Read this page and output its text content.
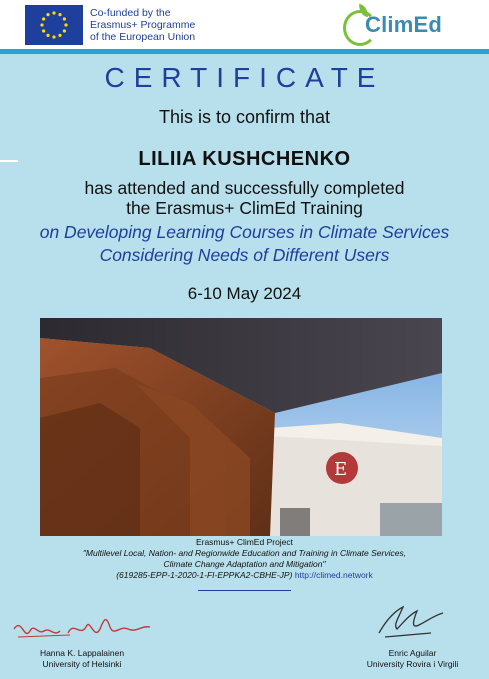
Co-funded by the
Erasmus+ Programme
of the European Union	ClimEd
CERTIFICATE
This is to confirm that
LILIIA KUSHCHENKO
has attended and successfully completed
the Erasmus+ ClimEd Training
on Developing Learning Courses in Climate Services
Considering Needs of Different Users
6-10 May 2024
E
Erasmus+ ClimEd Project
"Multilevel Local, Nation- and Regionwide Education and Training in Climate Services,
Climate Change Adaptation and Mitigation"
(619285-EPP-1-2020-1-FI-EPPKA2-CBHE-JP) http://climed.network
Hanna K. Lappalainen
University of Helsinki
Enric Aguilar
University Rovira i Virgili
